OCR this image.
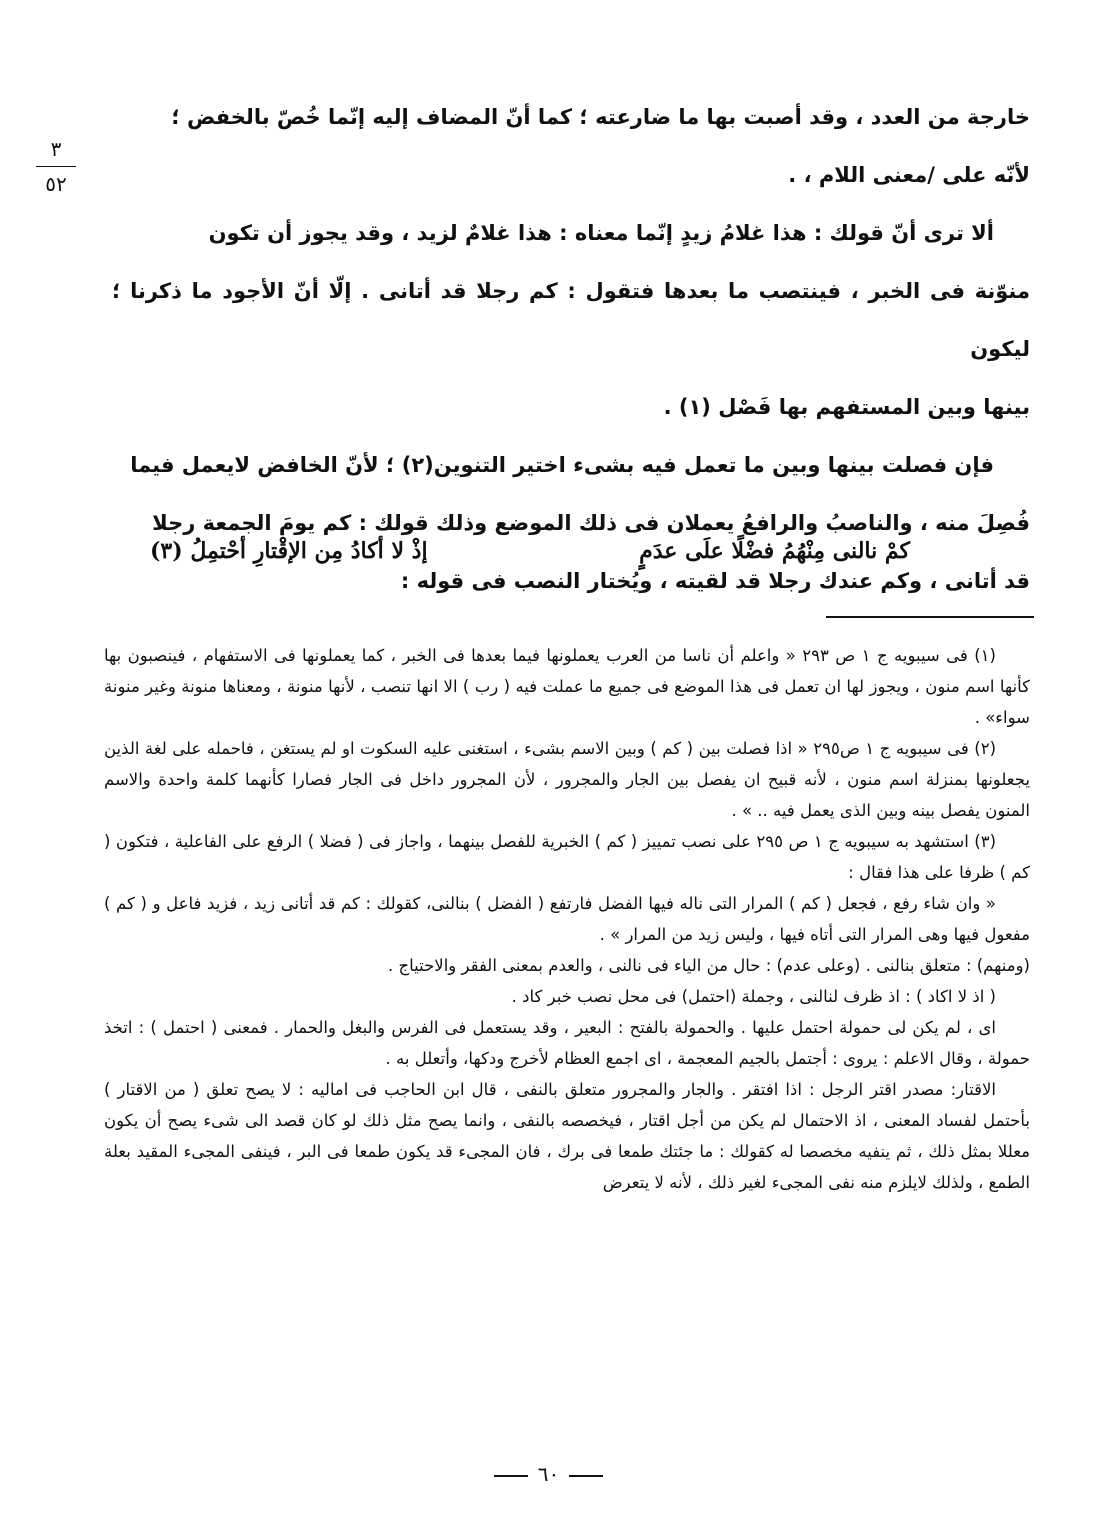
٣
٥٢

خارجة من العدد ، وقد أصبت بها ما ضارعته ؛ كما أنّ المضاف إليه إنّما خُصّ بالخفض ؛

لأنّه على /معنى اللام ، .

ألا ترى أنّ قولك : هذا غلامُ زيدٍ إنّما معناه : هذا غلامٌ لزيد ، وقد يجوز أن تكون

منوّنة فى الخبر ، فينتصب ما بعدها فتقول : كم رجلا قد أتانى . إلّا أنّ الأجود ما ذكرنا ؛ ليكون

بينها وبين المستفهم بها فَصْل (١) .

فإن فصلت بينها وبين ما تعمل فيه بشىء اختير التنوين(٢) ؛ لأنّ الخافض لايعمل فيما

فُصِلَ منه ، والناصبُ والرافعُ يعملان فى ذلك الموضع وذلك قولك : كم يومَ الجمعة رجلا

قد أتانى ، وكم عندك رجلا قد لقيته ، ويُختار النصب فى قوله :

كمْ نالنى مِنْهُمُ فضْلًا علَى عدَمٍ
إذْ لا أكادُ مِن الإقْتارِ أحْتمِلُ (٣)

(١) فى سيبويه ج ١ ص ٢٩٣ « واعلم أن ناسا من العرب يعملونها فيما بعدها فى الخبر ، كما يعملونها فى الاستفهام ، فينصبون بها كأنها اسم منون ، ويجوز لها ان تعمل فى هذا الموضع فى جميع ما عملت فيه ( رب ) الا انها تنصب ، لأنها منونة ، ومعناها منونة وغير منونة سواء» .

(٢) فى سيبويه ج ١ ص٢٩٥ « اذا فصلت بين ( كم ) وبين الاسم بشىء ، استغنى عليه السكوت او لم يستغن ، فاحمله على لغة الذين يجعلونها بمنزلة اسم منون ، لأنه قبيح ان يفصل بين الجار والمجرور ، لأن المجرور داخل فى الجار فصارا كأنهما كلمة واحدة والاسم المنون يفصل بينه وبين الذى يعمل فيه .. » .

(٣) استشهد به سيبويه ج ١ ص ٢٩٥ على نصب تمييز ( كم ) الخبرية للفصل بينهما ، واجاز فى ( فضلا ) الرفع على الفاعلية ، فتكون ( كم ) ظرفا على هذا فقال :

« وان شاء رفع ، فجعل ( كم ) المرار التى ناله فيها الفضل فارتفع ( الفضل ) بنالنى، كقولك : كم قد أتانى زيد ، فزيد فاعل و ( كم ) مفعول فيها وهى المرار التى أتاه فيها ، وليس زيد من المرار » .

(ومنهم) : متعلق بنالنى . (وعلى عدم) : حال من الياء فى نالنى ، والعدم بمعنى الفقر والاحتياج .

( اذ لا اكاد ) : اذ ظرف لنالنى ، وجملة (احتمل) فى محل نصب خبر كاد .

اى ، لم يكن لى حمولة احتمل عليها . والحمولة بالفتح : البعير ، وقد يستعمل فى الفرس والبغل والحمار . فمعنى ( احتمل ) : اتخذ حمولة ، وقال الاعلم : يروى : أجتمل بالجيم المعجمة ، اى اجمع العظام لأخرج ودكها، وأتعلل به .

الاقتار: مصدر اقتر الرجل : اذا افتقر . والجار والمجرور متعلق بالنفى ، قال ابن الحاجب فى اماليه : لا يصح تعلق ( من الاقتار ) بأحتمل لفساد المعنى ، اذ الاحتمال لم يكن من أجل اقتار ، فيخصصه بالنفى ، وانما يصح مثل ذلك لو كان قصد الى شىء يصح أن يكون معللا بمثل ذلك ، ثم ينفيه مخصصا له كقولك : ما جئتك طمعا فى برك ، فان المجىء قد يكون طمعا فى البر ، فينفى المجىء المقيد بعلة الطمع ، ولذلك لايلزم منه نفى المجىء لغير ذلك ، لأنه لا يتعرض

٦٠
